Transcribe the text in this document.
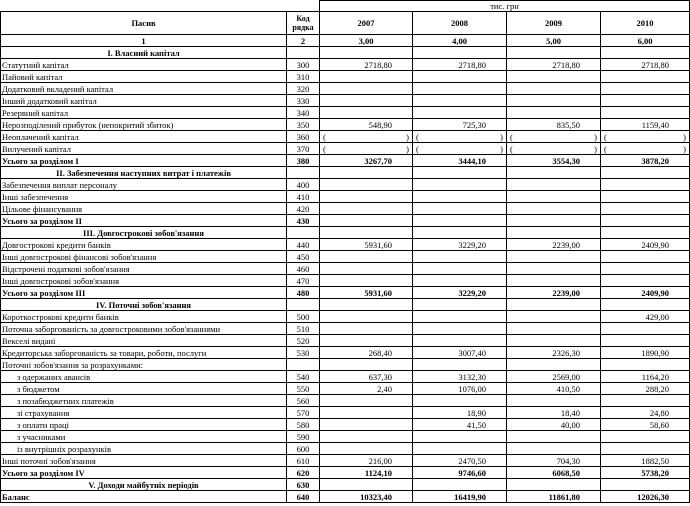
		тис. грн			
Пасив	Код рядка	2007	2008	2009	2010
1	2	3,00	4,00	5,00	6,00
I. Власний капітал					
Статутний капітал	300	2718,80	2718,80	2718,80	2718,80
Пайовий капітал	310				
Додатковий вкладений капітал	320				
Інший додатковий капітал	330				
Резервний капітал	340				
Нерозподілений прибуток (непокритий збиток)	350	548,90	725,30	835,50	1159,40
Неоплачений капітал	360	( )	( )	( )	( )

Вилучений капітал	370	( )	( )	( )	( )

Усього за розділом I	380	3267,70	3444,10	3554,30	3878,20
II. Забезпечення наступних витрат і платежів					
Забезпечення виплат персоналу	400				
Інші забезпечення	410				
Цільове фінансування	420				
Усього за розділом II	430				
III. Довгострокові зобов'язання					
Довгострокові кредити банків	440	5931,60	3229,20	2239,00	2409,90
Інші довгострокові фінансові зобов'язання	450				
Відстрочені податкові зобов'язання	460				
Інші довгострокові зобов'язання	470				
Усього за розділом III	480	5931,60	3229,20	2239,00	2409,90
IV. Поточні зобов'язання					
Короткострокові кредити банків	500				429,00
Поточна заборгованість за довгостроковими зобов'язаннями	510				
Векселі видані	520				
Кредиторська заборгованість за товари, роботи, послуги	530	268,40	3007,40	2326,30	1890,90
Поточні зобов'язання за розрахунками:					
з одержаних авансів	540	637,30	3132,30	2569,00	1164,20
з бюджетом	550	2,40	1076,00	410,50	288,20
з позабюджетних платежів	560				
зі страхування	570		18,90	18,40	24,80
з оплати праці	580		41,50	40,00	58,60
з учасниками	590				
із внутрішніх розрахунків	600				
Інші поточні зобов'язання	610	216,00	2470,50	704,30	1882,50
Усього за розділом IV	620	1124,10	9746,60	6068,50	5738,20
V. Доходи майбутніх періодів	630				
Баланс	640	10323,40	16419,90	11861,80	12026,30
